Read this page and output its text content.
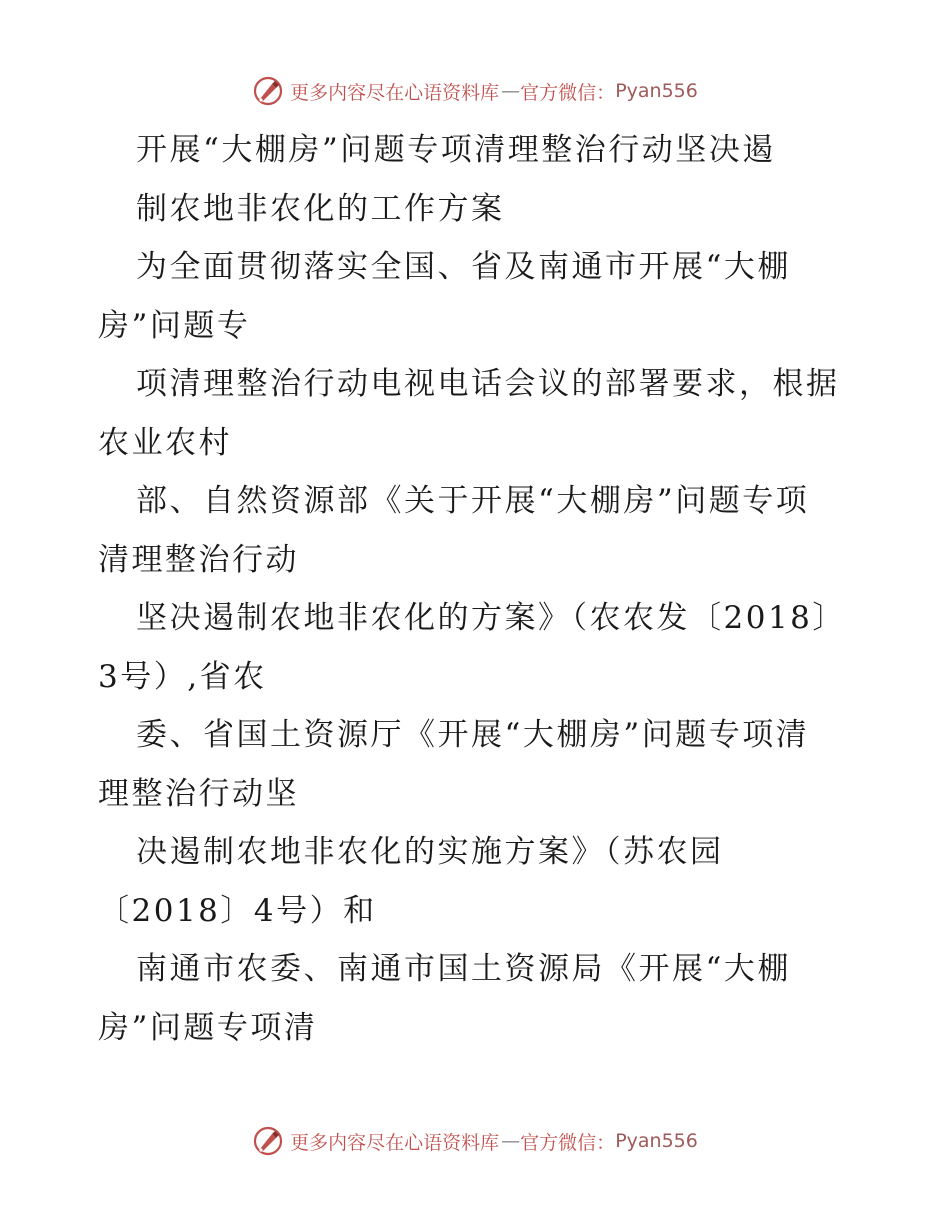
更多内容尽在心语资料库 — 官方微信： Pyan556
开展“大棚房”问题专项清理整治行动坚决遏
制农地非农化的工作方案
为全面贯彻落实全国、省及南通市开展“大棚
房”问题专
项清理整治行动电视电话会议的部署要求，根据
农业农村
部、自然资源部《关于开展“大棚房”问题专项
清理整治行动
坚决遏制农地非农化的方案》（农农发〔2018〕
3号）,省农
委、省国土资源厅《开展“大棚房”问题专项清
理整治行动坚
决遏制农地非农化的实施方案》（苏农园
〔2018〕4号）和
南通市农委、南通市国土资源局《开展“大棚
房”问题专项清
更多内容尽在心语资料库 — 官方微信： Pyan556
